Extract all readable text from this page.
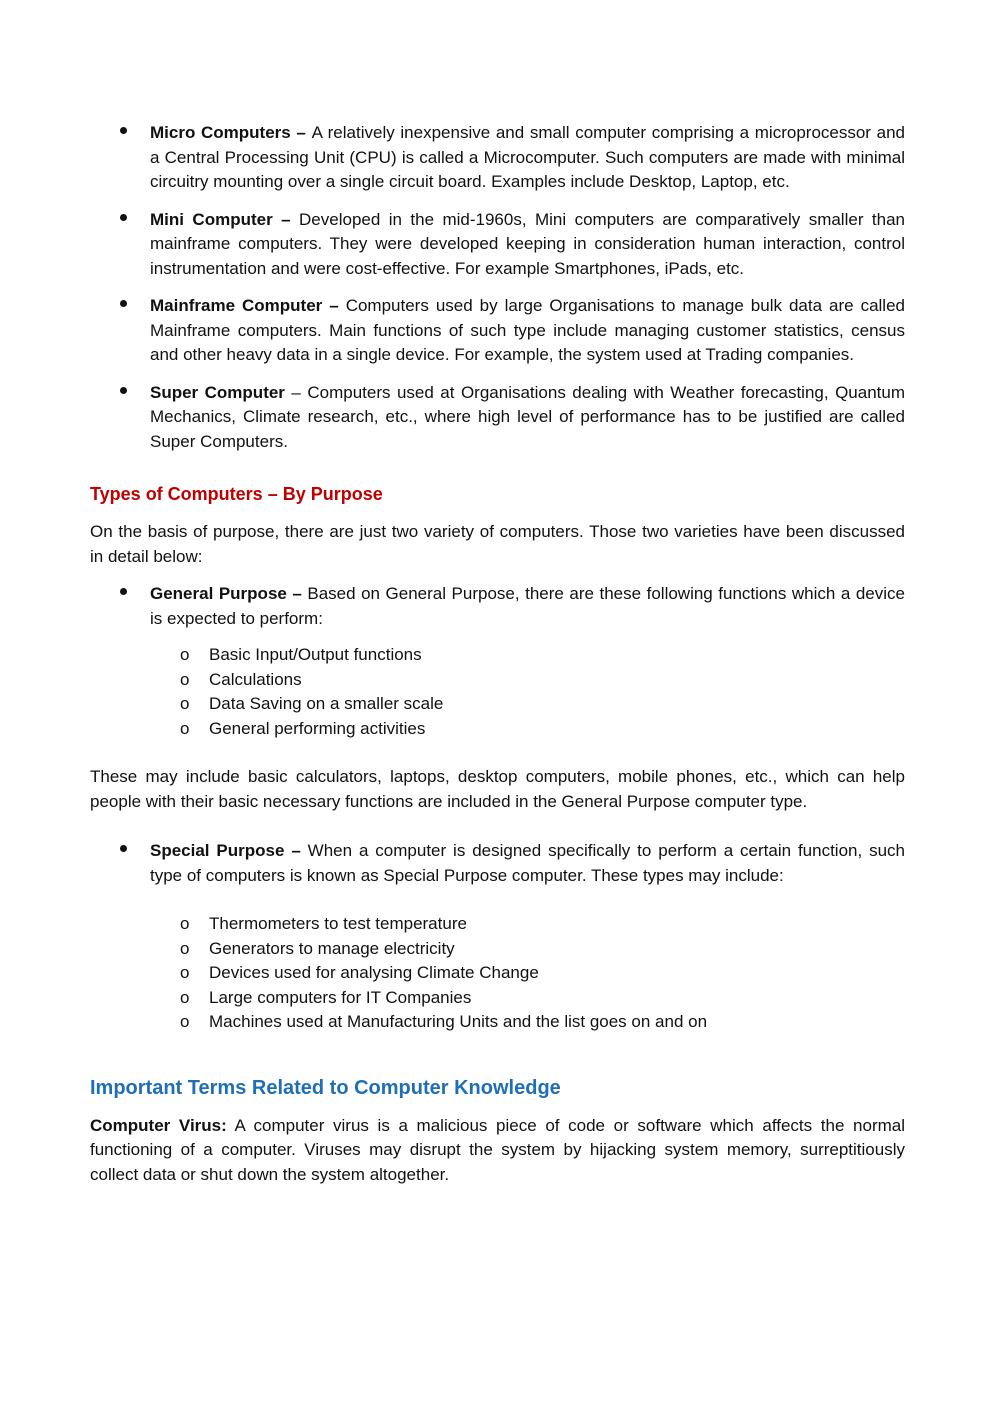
Micro Computers – A relatively inexpensive and small computer comprising a microprocessor and a Central Processing Unit (CPU) is called a Microcomputer. Such computers are made with minimal circuitry mounting over a single circuit board. Examples include Desktop, Laptop, etc.
Mini Computer – Developed in the mid-1960s, Mini computers are comparatively smaller than mainframe computers. They were developed keeping in consideration human interaction, control instrumentation and were cost-effective. For example Smartphones, iPads, etc.
Mainframe Computer – Computers used by large Organisations to manage bulk data are called Mainframe computers. Main functions of such type include managing customer statistics, census and other heavy data in a single device. For example, the system used at Trading companies.
Super Computer – Computers used at Organisations dealing with Weather forecasting, Quantum Mechanics, Climate research, etc., where high level of performance has to be justified are called Super Computers.
Types of Computers – By Purpose

On the basis of purpose, there are just two variety of computers. Those two varieties have been discussed in detail below:

General Purpose – Based on General Purpose, there are these following functions which a device is expected to perform:
o Basic Input/Output functions
o Calculations
o Data Saving on a smaller scale
o General performing activities

These may include basic calculators, laptops, desktop computers, mobile phones, etc., which can help people with their basic necessary functions are included in the General Purpose computer type.

Special Purpose – When a computer is designed specifically to perform a certain function, such type of computers is known as Special Purpose computer. These types may include:
o Thermometers to test temperature
o Generators to manage electricity
o Devices used for analysing Climate Change
o Large computers for IT Companies
o Machines used at Manufacturing Units and the list goes on and on
Important Terms Related to Computer Knowledge

Computer Virus: A computer virus is a malicious piece of code or software which affects the normal functioning of a computer. Viruses may disrupt the system by hijacking system memory, surreptitiously collect data or shut down the system altogether.
